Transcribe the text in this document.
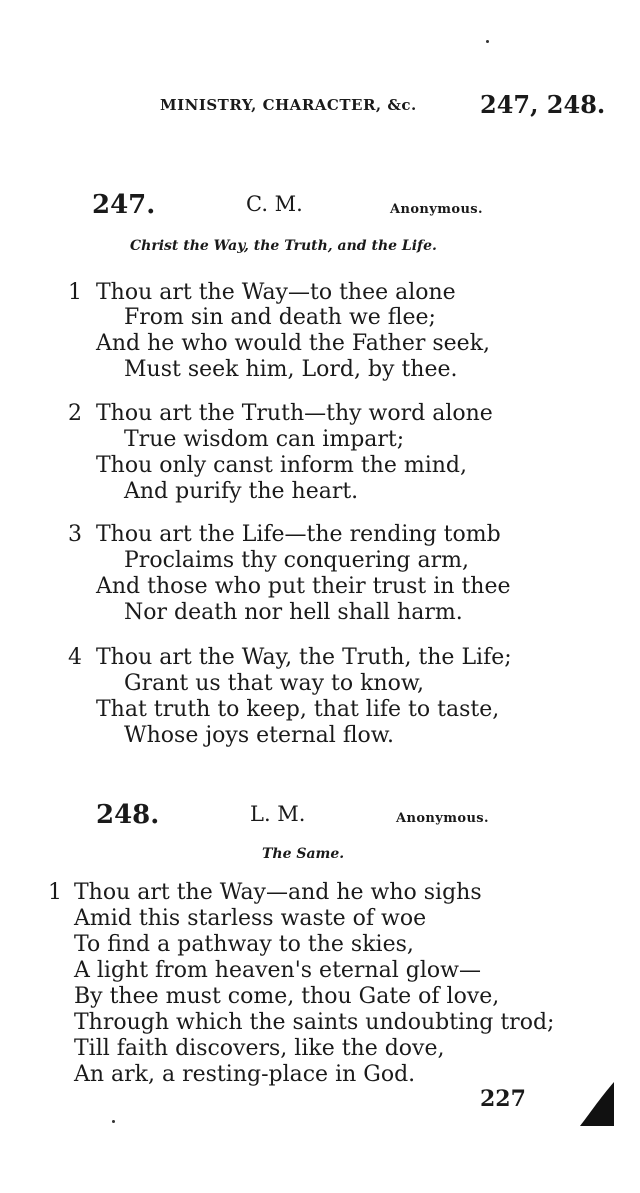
MINISTRY, CHARACTER, &c.	247, 248.
247.	C. M.	Anonymous.
Christ the Way, the Truth, and the Life.
1 Thou art the Way—to thee alone
From sin and death we flee;
And he who would the Father seek,
Must seek him, Lord, by thee.
2 Thou art the Truth—thy word alone
True wisdom can impart;
Thou only canst inform the mind,
And purify the heart.
3 Thou art the Life—the rending tomb
Proclaims thy conquering arm,
And those who put their trust in thee
Nor death nor hell shall harm.
4 Thou art the Way, the Truth, the Life;
Grant us that way to know,
That truth to keep, that life to taste,
Whose joys eternal flow.
248.	L. M.	Anonymous.
The Same.
1 Thou art the Way—and he who sighs
Amid this starless waste of woe
To find a pathway to the skies,
A light from heaven's eternal glow—
By thee must come, thou Gate of love,
Through which the saints undoubting trod;
Till faith discovers, like the dove,
An ark, a resting-place in God.
227
